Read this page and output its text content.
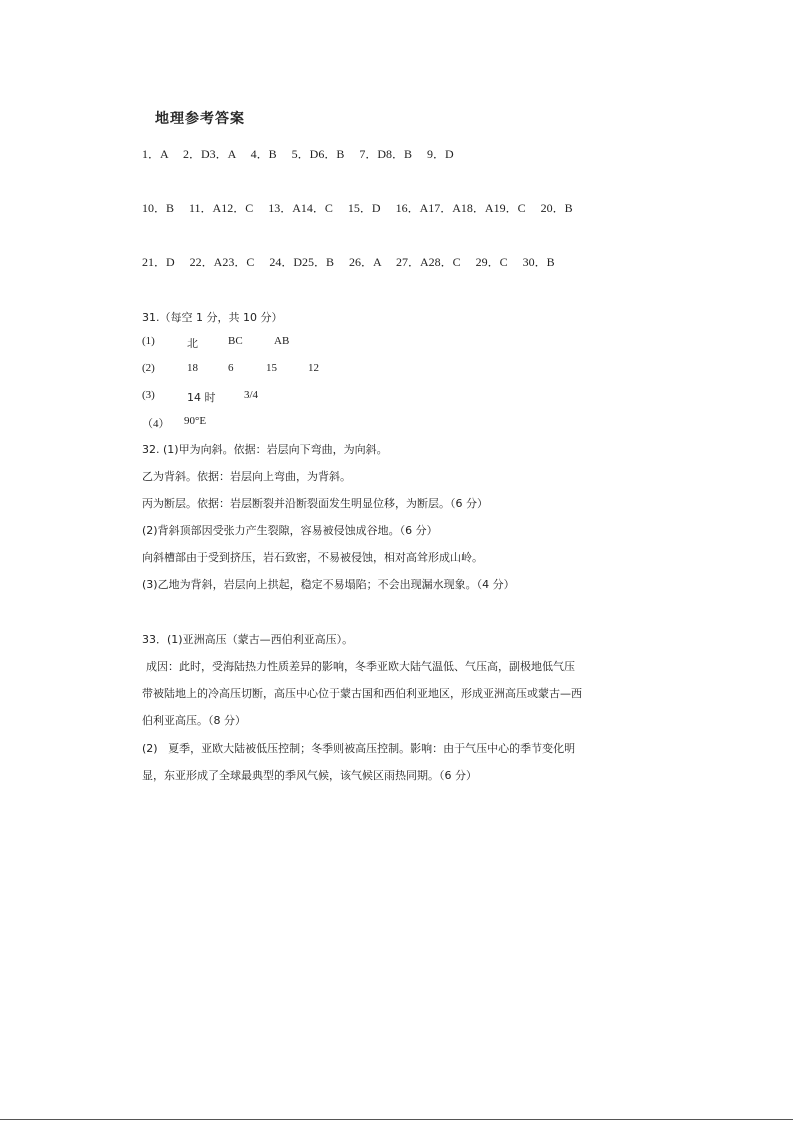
地理参考答案
1．A     2．D3．A     4．B     5．D6．B     7．D8．B     9．D
10．B     11．A12．C     13．A14．C     15．D     16．A17．A18．A19．C     20．B
21．D     22．A23．C     24．D25．B     26．A     27．A28．C     29．C     30．B
31.（每空 1 分，共 10 分）
(1)	北	BC	AB
(2)	18	6	15	12
(3)	14 时	3/4
（4） 90°E
32. (1)甲为向斜。依据：岩层向下弯曲，为向斜。
乙为背斜。依据：岩层向上弯曲，为背斜。
丙为断层。依据：岩层断裂并沿断裂面发生明显位移，为断层。（6 分）
(2)背斜顶部因受张力产生裂隙，容易被侵蚀成谷地。（6 分）
向斜槽部由于受到挤压，岩石致密，不易被侵蚀，相对高耸形成山岭。
(3)乙地为背斜，岩层向上拱起，稳定不易塌陷；不会出现漏水现象。（4 分）
33．(1)亚洲高压（蒙古—西伯利亚高压）。
成因：此时，受海陆热力性质差异的影响，冬季亚欧大陆气温低、气压高，副极地低气压
带被陆地上的冷高压切断，高压中心位于蒙古国和西伯利亚地区，形成亚洲高压或蒙古—西
伯利亚高压。（8 分）
(2)   夏季，亚欧大陆被低压控制；冬季则被高压控制。影响：由于气压中心的季节变化明
显，东亚形成了全球最典型的季风气候，该气候区雨热同期。（6 分）
